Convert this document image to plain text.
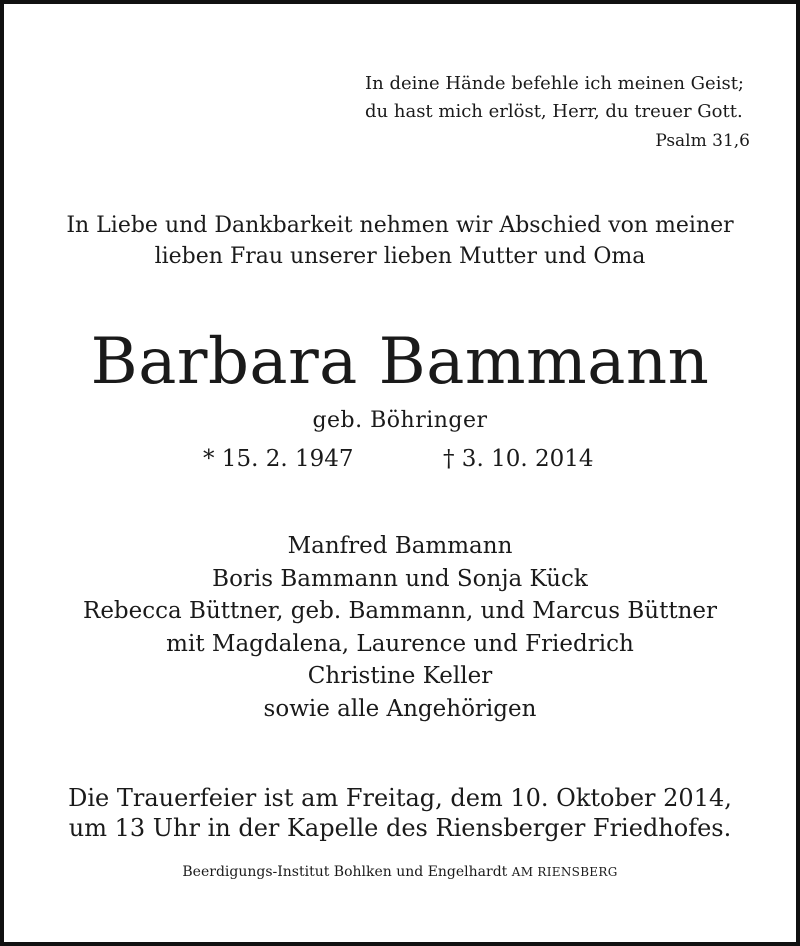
In deine Hände befehle ich meinen Geist;
du hast mich erlöst, Herr, du treuer Gott.
Psalm 31,6
In Liebe und Dankbarkeit nehmen wir Abschied von meiner
lieben Frau unserer lieben Mutter und Oma
Barbara Bammann
geb. Böhringer
* 15. 2. 1947	† 3. 10. 2014
Manfred Bammann
Boris Bammann und Sonja Kück
Rebecca Büttner, geb. Bammann, und Marcus Büttner
mit Magdalena, Laurence und Friedrich
Christine Keller
sowie alle Angehörigen
Die Trauerfeier ist am Freitag, dem 10. Oktober 2014,
um 13 Uhr in der Kapelle des Riensberger Friedhofes.
Beerdigungs-Institut Bohlken und Engelhardt AM RIENSBERG
